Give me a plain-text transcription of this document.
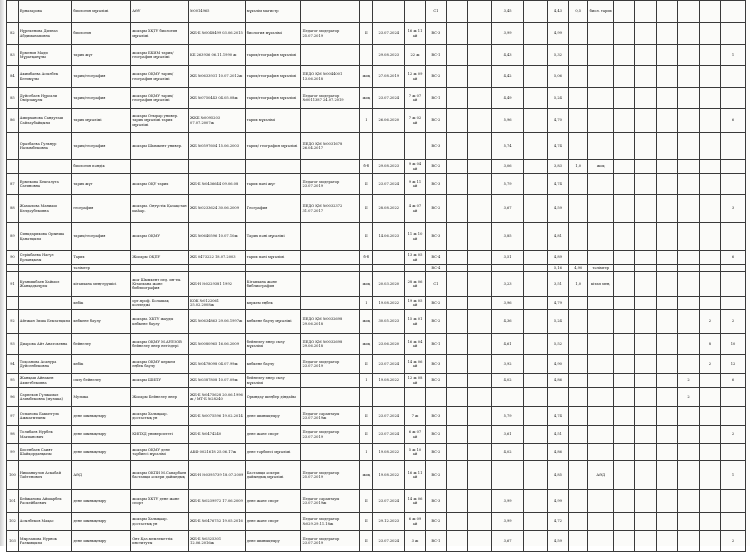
	Ерназарова	биология мұғалімі	АӨУ	№0014965	мұғалім магистр					С1			3,45		4,43	0,5	биол. тарих						
82	Нұрекенова Дилназ Абдиманаповна	биология	жоғары ХҚТУ биология мұғалімі	ЖБ-Б №0048499 03.06.2015	биология мұғалімі	Педагог модератор 25.07.2019	II	23.07.2024	16 ж 11 ай	ВС-3			3,99		4,99								
83	Ерменов Мади Мұратқанұлы	тарих жүг	жоғары БКИМ тарих/география мұғалімі	КБ 263936 06.11.1990 ж	тарих/география мұғалімі			29.08.2023	22 ж	ВС-1			4,43		5,32								1
84	Акимбаева Асылбек Бегимұлы	тарих/география	жоғары ОҚМУ тарих/география мұғалімі	ЖБ №0633931 10.07.2012ж	тарих/география мұғалімі	ПЕДО ҚМ №0044001 13.06.2018	жоқ	27.08.2019	12 ж 09 ай	ВС-2			4,42		5,06								
85	Дүйсебаев Нұрғали Омірзақұлы	тарих/география	жоғары ОҚМУ тарих/география мұғалімі	ЖБ №0750443 04.05.08ж	тарих/география мұғалімі	Педагог модератор №0011387 24.07.2019	жоқ	23.07.2024	7 ж 07 ай	ВС-1			4,49		5,24								
86	Амирханова Сандугаш Сайлаубайқызы	тарих мұғалімі	жоғары Отырар универ. тарих мұғалімі тарих мұғалімі	ЖКБ №0095203 07.07.2007ж	тарих мұғалімі		І	26.06.2020	7 ж 02 ай	ВС-2			5,96		4,70								6
	Оразбаева Гульнур Назымбековна	тарих/география	жоғары Шымкент универ.	ЖБ №0597604 15.06.2003	тарих/ география мұғалімі	ПЕДО ҚМ №0031678 26.04.2017				ВС-3			5,74		4,74								
		биология пәндік					б-б	29.08.2023	9 ж 04 ай	ВС-2			3,06		3,83	1,0	жоқ						
87	Ермекова Бекгалуга Сагиновна	тарих жүг	жоғары ОҚУ тарих	ЖБ-Б №0436644 09.06.08	тарих пәні жүг	Педагог модератор 23.07.2019	II	23.07.2024	9 ж 11 ай	ВС-3			5,79		4,74								
88	Жамалова Маниаш Көлдәубековна	география	жоғары. Оңтүстік Қазақстан шаһар.	ЖБ №0233624 30.06.2009	География	ПЕДО ҚМ №0032372 31.07.2017	II	28.08.2022	4 ж 07 ай	ВС-2			3,67		4,59								3
89	Сиякдарикова Орынша Қанатқызы	тарих/география	жоғары ОҚМУ	ЖБ №0640596 10.07.10ж	Тарих пәні мұғалімі		II	14.06.2023	11 ж 10 ай	ВС-3			3,85		4,81								
90	Серікбаева Нагүл Ерланқызы	Тарих	Жоғары ОҚПУ	ЖБ 0473222 18.07.2003	тарих пәні мұғалімі		б-б		13 ж 05 ай	ВС-4			3,51		4,89								6
		тәлімгер								ВС-4					5,16	4,90	тәлімгер						
91	Қуанышбаев Хайыол Жанқадылұлы	кітапхана меңгерушісі	жоғ Шымкент пед. ин-ты. Кітапхана және библиография	ЖБ-Н №0229381 1992	Кітапхана және библиография		жоқ	20.03.2020	28 ж 06 ай	С1			3,23		3,51	1,0	кітап мең.						
		көбік	орт.проф. Болашақ колледжі	КОК №0122061 25.02.2008ж	көркем еңбек		I	19.08.2022	19 ж 05 ай	ВС-2			3,96		4,79								
92	Айтжан Зиша Бекзатқызы	көбкене баулу	жоғары. ХКТУ жауды көбкене баулу	ЖБ №0634863 29.06.1997ж	көбкене баулу мұғалімі	ПЕДО ҚМ №0032698 29.06.2018	жоқ	30.05.2023	15 ж 01 ай	ВС-2			4,36		5,24							2	2
93	Диарова Айт Анатоьевна	бейнелеу	жоғары ОҚМУ М.АУЕЗОВ бейнелеу өнер негіздері	ЖБ №0080965 16.06.2009	бейнелеу өнер сызу мұғалімі	ПЕДО ҚМ №0032698 29.06.2018	жоқ	23.06.2020	16 ж 04 ай	ВС-1			4,61		5,52							8	10
94	Тоқсанова Асанура Дуйсенбековна	көбік	жоғары ОҚМУ көркем еңбек баулу	ЖБ №0478098 04.07.99ж	көбкене баулу	Педагог модератор 23.07.2019	II	23.07.2024	14 ж 06 ай	ВС-3			3,92		4,90							2	12
95	Жанқаш Айнакен Ахметбековна	сызу бейнелеу	жоғары ШИПУ	ЖБ №0387808 10.07.09ж	бейнелеу өнер сызу мұғалімі		I	19.08.2022	12 ж 08 ай	ВС-2			4,02		4,86						2		6
96	Сарпеков Гүлжамал Азимбековна (музыка)	Музыка	Жоғары Бейнелеу өнер	ЖБ-Б №0475628 20.06.1996 ж / МТ-Б №28240	Орындау шеңбер діндайы																2		
97	Оспанова Бакытгуль Ажмагмтыны	дене шынықтыру	жоғары Халықаар. достастық ун	ЖБ-Б №0075596 19.02.2014	дене шынықтыру	Педагог сараптауы 23.07.2019ж	II	23.07.2024	7 ж	ВС-3			5,79		4,74								
98	Толибаев Нурбек Мағианович	дене шынықтыру	КИПХД университеті	ЖБ-Б №0474240	дене және спорт	Педагог модератор 23.07.2019	II	23.07.2024	6 ж 07 ай	ВС-2			3,61		4,51								2
99	Бисенбаев Саият Шайқорданқызы	дене шынықтыру	жоғары ОҚМУ дене тәрбиесі мұғалімі	АКФ 0021618 25.06.17ж	дене тәрбиесі мұғалімі		I	19.08.2022	5 ж 10 ай	ВС-2			4,02		4,86								
100	Нишанкулов Аскабай Тайтенович	АӘД	жоғары ОКПИ М.Сапарбаев бастапқы әскери дайындық	ЖБ-Н №0395739 18.07.2009	Бастапқы әскери дайындық мұғалімі	Педагог модератор 25.07.2019	жоқ	19.08.2022	16 ж 11 ай	ВС-2					4,85		АӘД						1
101	Бейжанова Айшарбек Раскейбаевич	дене шынықтыру	жоғары ХКТУ дене және спорт	ЖБ-Б №0239972 17.06.2009	дене және спорт	Педагог сараптауы 23.07.2019ж	II	23.07.2024	14 ж 06 ай	ВС-3			3,99		4,99								
102	Асылбеков Мақас	дене шынықтыру	жоғары Халықаар. достастық ун	ЖБ-Б №0476752 19.05.2016	дене және спорт	Педагог модератор №029.29.11.18ж	II	29.12.2023	6 ж 09 ай	ВС-2			3,99		4,72								
103	Мырзапова Нурнок Ғалымқызы	дене шынықтыру	Онт.Қаз.мемлекеттік институты	ЖБ-Б №0325301 12.06.2016ж	дене шынықтыру	Педагог модератор 23.07.2019	II	23.07.2024	3 ж	ВС-1			3,67		4,59								2
